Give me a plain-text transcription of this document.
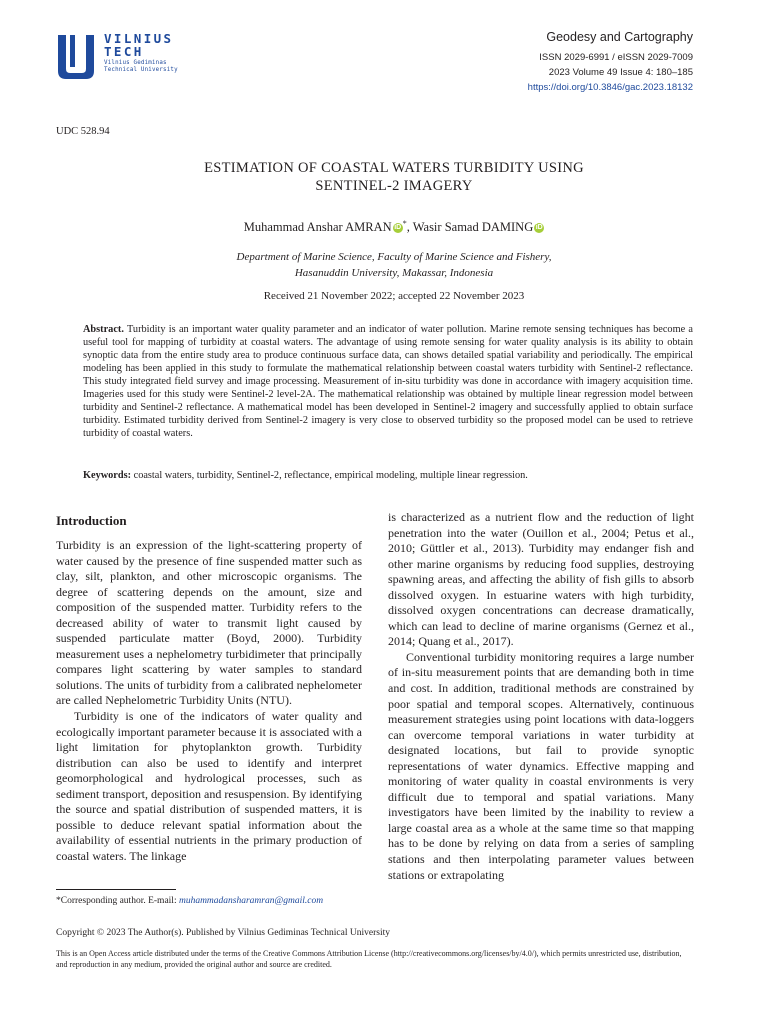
VILNIUS
TECH
Vilnius Gediminas
Technical University
Geodesy and Cartography
ISSN 2029-6991 / eISSN 2029-7009
2023 Volume 49 Issue 4: 180–185
https://doi.org/10.3846/gac.2023.18132
UDC 528.94
ESTIMATION OF COASTAL WATERS TURBIDITY USING
SENTINEL-2 IMAGERY
Muhammad Anshar AMRAN iD *, Wasir Samad DAMING iD
Department of Marine Science, Faculty of Marine Science and Fishery,
Hasanuddin University, Makassar, Indonesia
Received 21 November 2022; accepted 22 November 2023
Abstract. Turbidity is an important water quality parameter and an indicator of water pollution. Marine remote sensing techniques has become a useful tool for mapping of turbidity at coastal waters. The advantage of using remote sensing for water quality analysis is its ability to obtain synoptic data from the entire study area to produce continuous surface data, can shows detailed spatial variability and periodically. The empirical modeling has been applied in this study to formulate the mathematical relationship between coastal waters turbidity with Sentinel-2 reflectance. This study integrated field survey and image processing. Measurement of in-situ turbidity was done in accordance with imagery acquisition time. Imageries used for this study were Sentinel-2 level-2A. The mathematical relationship was obtained by multiple linear regression model between turbidity and Sentinel-2 reflectance. A mathematical model has been developed in Sentinel-2 imagery and successfully applied to obtain surface turbidity. Estimated turbidity derived from Sentinel-2 imagery is very close to observed turbidity so the proposed model can be used to retrieve turbidity of coastal waters.
Keywords: coastal waters, turbidity, Sentinel-2, reflectance, empirical modeling, multiple linear regression.
Introduction

Turbidity is an expression of the light-scattering property of water caused by the presence of fine suspended matter such as clay, silt, plankton, and other microscopic organisms. The degree of scattering depends on the amount, size and composition of the suspended matter. Turbidity refers to the decreased ability of water to transmit light caused by suspended particulate matter (Boyd, 2000). Turbidity measurement uses a nephelometry turbidimeter that principally compares light scattering by water samples to standard solutions. The units of turbidity from a calibrated nephelometer are called Nephelometric Turbidity Units (NTU).

Turbidity is one of the indicators of water quality and ecologically important parameter because it is associated with a light limitation for phytoplankton growth. Turbidity distribution can also be used to identify and interpret geomorphological and hydrological processes, such as sediment transport, deposition and resuspension. By identifying the source and spatial distribution of suspended matters, it is possible to deduce relevant spatial information about the availability of essential nutrients in the primary production of coastal waters. The linkage

is characterized as a nutrient flow and the reduction of light penetration into the water (Ouillon et al., 2004; Petus et al., 2010; Güttler et al., 2013). Turbidity may endanger fish and other marine organisms by reducing food supplies, destroying spawning areas, and affecting the ability of fish gills to absorb dissolved oxygen. In estuarine waters with high turbidity, dissolved oxygen concentrations can decrease dramatically, which can lead to decline of marine organisms (Gernez et al., 2014; Quang et al., 2017).

Conventional turbidity monitoring requires a large number of in-situ measurement points that are demanding both in time and cost. In addition, traditional methods are constrained by poor spatial and temporal scopes. Alternatively, continuous measurement strategies using point locations with data-loggers can overcome temporal variations in water turbidity at designated locations, but fail to provide synoptic representations of water dynamics. Effective mapping and monitoring of water quality in coastal environments is very difficult due to temporal and spatial variations. Many investigators have been limited by the inability to review a large coastal area as a whole at the same time so that mapping has to be done by relying on data from a series of sampling stations and then interpolating parameter values between stations or extrapolating

*Corresponding author. E-mail: muhammadansharamran@gmail.com
Copyright © 2023 The Author(s). Published by Vilnius Gediminas Technical University
This is an Open Access article distributed under the terms of the Creative Commons Attribution License (http://creativecommons.org/licenses/by/4.0/), which permits unrestricted use, distribution, and reproduction in any medium, provided the original author and source are credited.
